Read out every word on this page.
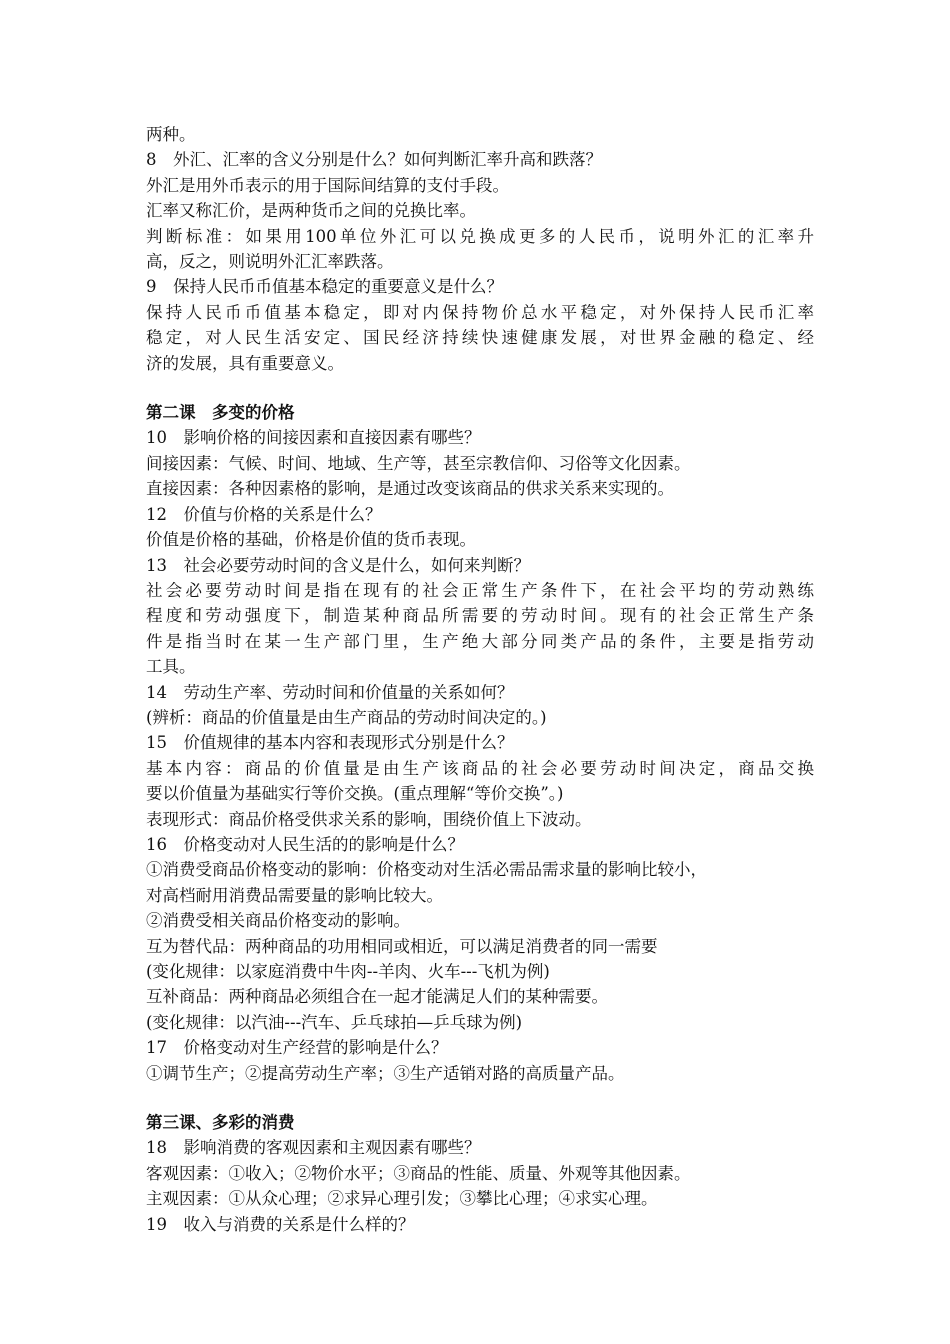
两种。
8　外汇、汇率的含义分别是什么？如何判断汇率升高和跌落？
外汇是用外币表示的用于国际间结算的支付手段。
汇率又称汇价，是两种货币之间的兑换比率。
判断标准：如果用100单位外汇可以兑换成更多的人民币，说明外汇的汇率升
高，反之，则说明外汇汇率跌落。
9　保持人民币币值基本稳定的重要意义是什么？
保持人民币币值基本稳定，即对内保持物价总水平稳定，对外保持人民币汇率
稳定，对人民生活安定、国民经济持续快速健康发展，对世界金融的稳定、经
济的发展，具有重要意义。
第二课　多变的价格
10　影响价格的间接因素和直接因素有哪些？
间接因素：气候、时间、地域、生产等，甚至宗教信仰、习俗等文化因素。
直接因素：各种因素格的影响，是通过改变该商品的供求关系来实现的。
12　价值与价格的关系是什么？
价值是价格的基础，价格是价值的货币表现。
13　社会必要劳动时间的含义是什么，如何来判断？
社会必要劳动时间是指在现有的社会正常生产条件下，在社会平均的劳动熟练
程度和劳动强度下，制造某种商品所需要的劳动时间。现有的社会正常生产条
件是指当时在某一生产部门里，生产绝大部分同类产品的条件，主要是指劳动
工具。
14　劳动生产率、劳动时间和价值量的关系如何？
(辨析：商品的价值量是由生产商品的劳动时间决定的。)
15　价值规律的基本内容和表现形式分别是什么？
基本内容：商品的价值量是由生产该商品的社会必要劳动时间决定，商品交换
要以价值量为基础实行等价交换。(重点理解“等价交换”。)
表现形式：商品价格受供求关系的影响，围绕价值上下波动。
16　价格变动对人民生活的的影响是什么？
①消费受商品价格变动的影响：价格变动对生活必需品需求量的影响比较小，
对高档耐用消费品需要量的影响比较大。
②消费受相关商品价格变动的影响。
互为替代品：两种商品的功用相同或相近，可以满足消费者的同一需要
(变化规律：以家庭消费中牛肉--羊肉、火车---飞机为例)
互补商品：两种商品必须组合在一起才能满足人们的某种需要。
(变化规律：以汽油---汽车、乒乓球拍—乒乓球为例)
17　价格变动对生产经营的影响是什么？
①调节生产；②提高劳动生产率；③生产适销对路的高质量产品。
第三课、多彩的消费
18　影响消费的客观因素和主观因素有哪些？
客观因素：①收入；②物价水平；③商品的性能、质量、外观等其他因素。
主观因素：①从众心理；②求异心理引发；③攀比心理；④求实心理。
19　收入与消费的关系是什么样的？
